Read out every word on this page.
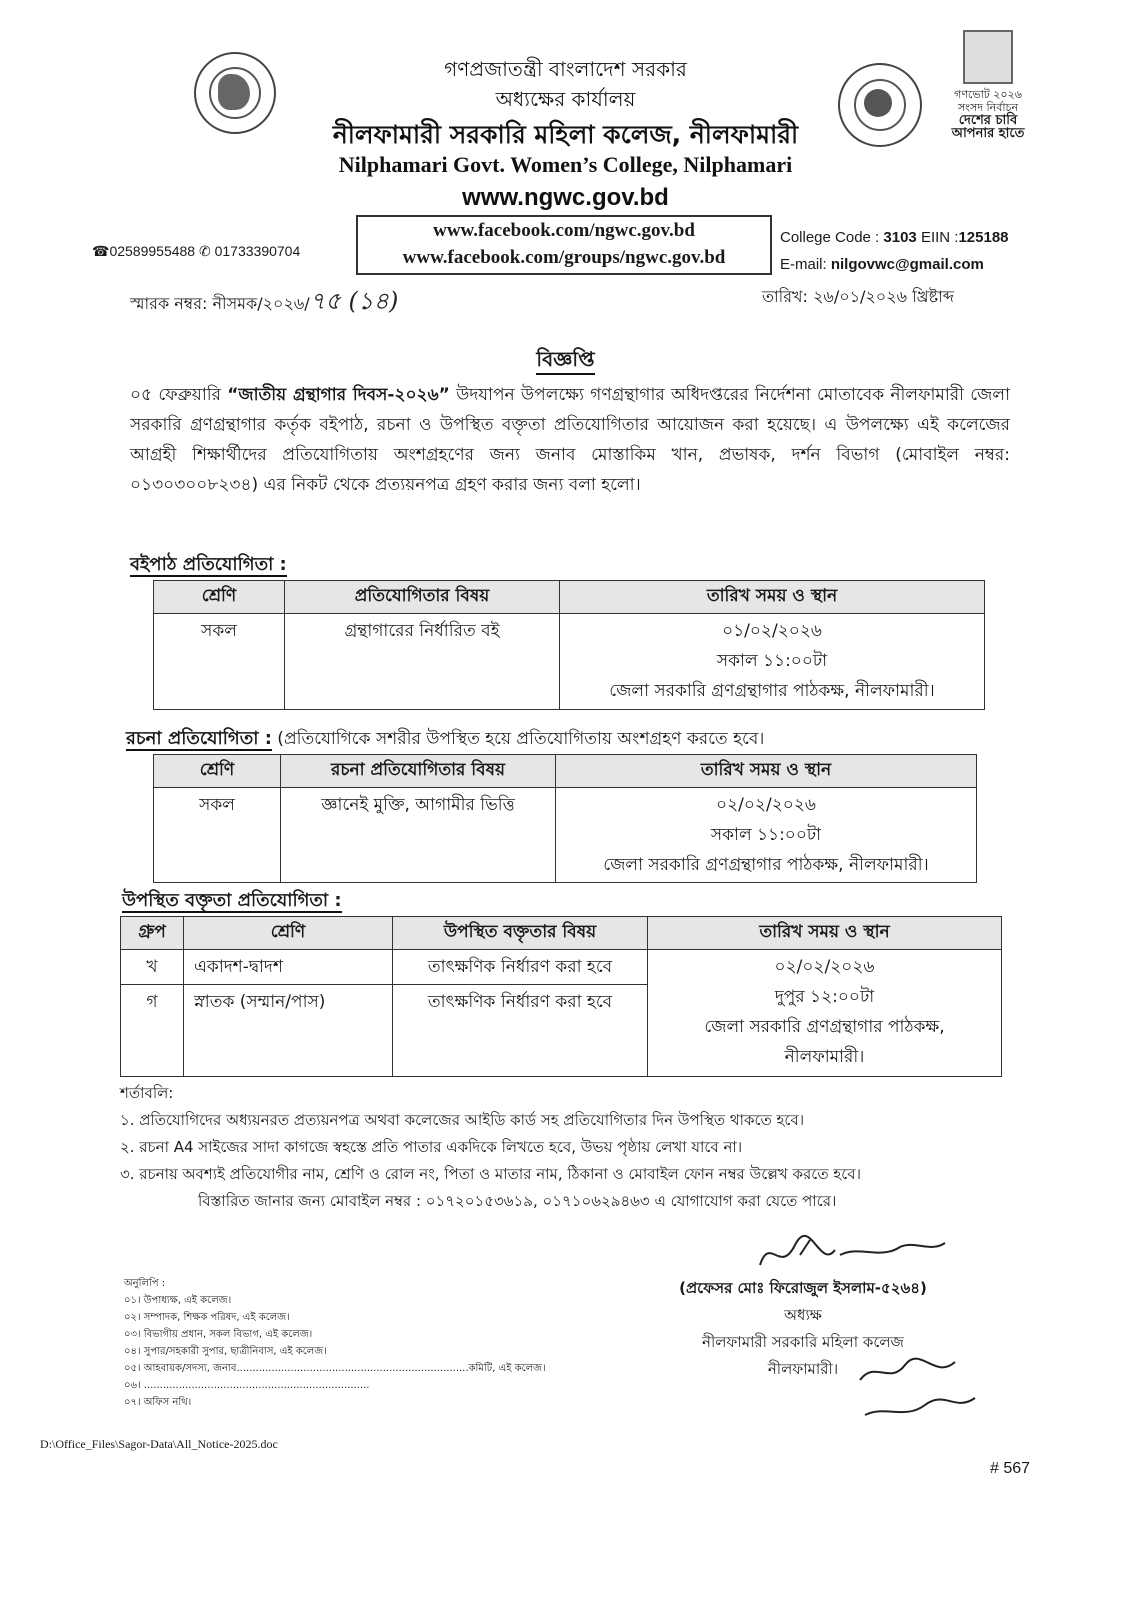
গণভোট ২০২৬
সংসদ নির্বাচন
দেশের চাবি
আপনার হাতে
গণপ্রজাতন্ত্রী বাংলাদেশ সরকার
অধ্যক্ষের কার্যালয়
নীলফামারী সরকারি মহিলা কলেজ, নীলফামারী
Nilphamari Govt. Women’s College, Nilphamari
www.ngwc.gov.bd
www.facebook.com/ngwc.gov.bd
www.facebook.com/groups/ngwc.gov.bd
☎02589955488 ✆ 01733390704
College Code : 3103 EIIN :125188
E-mail: nilgovwc@gmail.com
স্মারক নম্বর: নীসমক/২০২৬/৭৫ (১৪)	তারিখ: ২৬/০১/২০২৬ খ্রিষ্টাব্দ
বিজ্ঞপ্তি
০৫ ফেব্রুয়ারি “জাতীয় গ্রন্থাগার দিবস-২০২৬” উদযাপন উপলক্ষ্যে গণগ্রন্থাগার অধিদপ্তরের নির্দেশনা মোতাবেক নীলফামারী জেলা সরকারি গ্রণগ্রন্থাগার কর্তৃক বইপাঠ, রচনা ও উপস্থিত বক্তৃতা প্রতিযোগিতার আয়োজন করা হয়েছে। এ উপলক্ষ্যে এই কলেজের আগ্রহী শিক্ষার্থীদের প্রতিযোগিতায় অংশগ্রহণের জন্য জনাব মোস্তাকিম খান, প্রভাষক, দর্শন বিভাগ (মোবাইল নম্বর: ০১৩০৩০০৮২৩৪) এর নিকট থেকে প্রত্যয়নপত্র গ্রহণ করার জন্য বলা হলো।
বইপাঠ প্রতিযোগিতা :
শ্রেণি	প্রতিযোগিতার বিষয়	তারিখ সময় ও স্থান
সকল	গ্রন্থাগারের নির্ধারিত বই	০১/০২/২০২৬
সকাল ১১:০০টা
জেলা সরকারি গ্রণগ্রন্থাগার পাঠকক্ষ, নীলফামারী।
রচনা প্রতিযোগিতা : (প্রতিযোগিকে সশরীর উপস্থিত হয়ে প্রতিযোগিতায় অংশগ্রহণ করতে হবে।
শ্রেণি	রচনা প্রতিযোগিতার বিষয়	তারিখ সময় ও স্থান
সকল	জ্ঞানেই মুক্তি, আগামীর ভিত্তি	০২/০২/২০২৬
সকাল ১১:০০টা
জেলা সরকারি গ্রণগ্রন্থাগার পাঠকক্ষ, নীলফামারী।
উপস্থিত বক্তৃতা প্রতিযোগিতা :
গ্রুপ	শ্রেণি	উপস্থিত বক্তৃতার বিষয়	তারিখ সময় ও স্থান
খ	একাদশ-দ্বাদশ	তাৎক্ষণিক নির্ধারণ করা হবে	০২/০২/২০২৬
দুপুর ১২:০০টা
জেলা সরকারি গ্রণগ্রন্থাগার পাঠকক্ষ,
নীলফামারী।

গ	স্নাতক (সম্মান/পাস)	তাৎক্ষণিক নির্ধারণ করা হবে	
শর্তাবলি:
১. প্রতিযোগিদের অধ্যয়নরত প্রত্যয়নপত্র অথবা কলেজের আইডি কার্ড সহ প্রতিযোগিতার দিন উপস্থিত থাকতে হবে।
২. রচনা A4 সাইজের সাদা কাগজে স্বহস্তে প্রতি পাতার একদিকে লিখতে হবে, উভয় পৃষ্ঠায় লেখা যাবে না।
৩. রচনায় অবশ্যই প্রতিযোগীর নাম, শ্রেণি ও রোল নং, পিতা ও মাতার নাম, ঠিকানা ও মোবাইল ফোন নম্বর উল্লেখ করতে হবে।
বিস্তারিত জানার জন্য মোবাইল নম্বর : ০১৭২০১৫৩৬১৯, ০১৭১০৬২৯৪৬৩ এ যোগাযোগ করা যেতে পারে।
অনুলিপি :
০১। উপাধ্যক্ষ, এই কলেজ।
০২। সম্পাদক, শিক্ষক পরিষদ, এই কলেজ।
০৩। বিভাগীয় প্রধান, সকল বিভাগ, এই কলেজ।
০৪। সুপার/সহকারী সুপার, ছাত্রীনিবাস, এই কলেজ।
০৫। আহবায়ক/সদস্য, জনাব.........................................................................কমিটি, এই কলেজ।
০৬। .......................................................................
০৭। অফিস নথি।
(প্রফেসর মোঃ ফিরোজুল ইসলাম-৫২৬৪)
অধ্যক্ষ
নীলফামারী সরকারি মহিলা কলেজ
নীলফামারী।
D:\Office_Files\Sagor-Data\All_Notice-2025.doc
# 567
